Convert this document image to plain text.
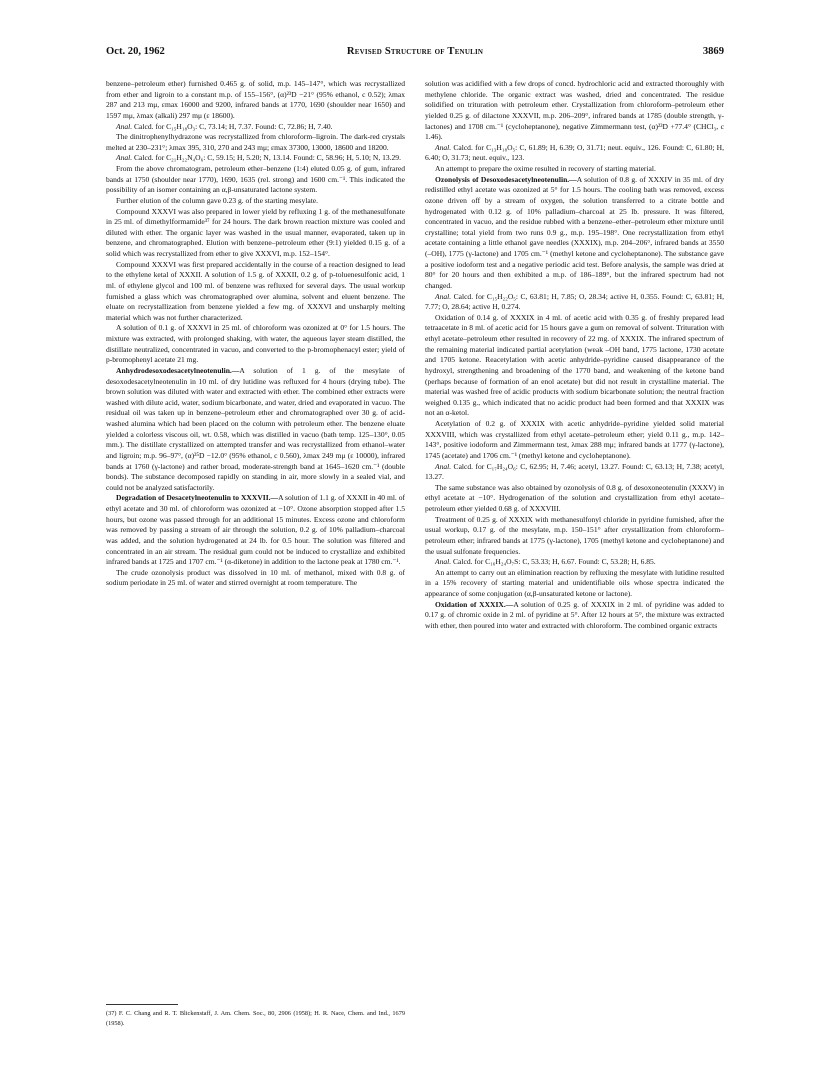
Oct. 20, 1962	Revised Structure of Tenulin	3869

benzene–petroleum ether) furnished 0.465 g. of solid, m.p. 145–147°, which was recrystallized from ether and ligroin to a constant m.p. of 155–156°, (α)²³D −21° (95% ethanol, c 0.52); λmax 287 and 213 mμ, εmax 16000 and 9200, infrared bands at 1770, 1690 (shoulder near 1650) and 1597 mμ, λmax (alkali) 297 mμ (ε 18600).

Anal. Calcd. for C₁₅H₁₈O₃: C, 73.14; H, 7.37. Found: C, 72.86; H, 7.40.

The dinitrophenylhydrazone was recrystallized from chloroform–ligroin. The dark-red crystals melted at 230–231°; λmax 395, 310, 270 and 243 mμ; εmax 37300, 13000, 18600 and 18200.

Anal. Calcd. for C₂₁H₂₂N₄O₆: C, 59.15; H, 5.20; N, 13.14. Found: C, 58.96; H, 5.10; N, 13.29.

From the above chromatogram, petroleum ether–benzene (1:4) eluted 0.05 g. of gum, infrared bands at 1750 (shoulder near 1770), 1690, 1635 (rel. strong) and 1600 cm.⁻¹. This indicated the possibility of an isomer containing an α,β-unsaturated lactone system.

Further elution of the column gave 0.23 g. of the starting mesylate.

Compound XXXVI was also prepared in lower yield by refluxing 1 g. of the methanesulfonate in 25 ml. of dimethylformamide³⁷ for 24 hours. The dark brown reaction mixture was cooled and diluted with ether. The organic layer was washed in the usual manner, evaporated, taken up in benzene, and chromatographed. Elution with benzene–petroleum ether (9:1) yielded 0.15 g. of a solid which was recrystallized from ether to give XXXVI, m.p. 152–154°.

Compound XXXVI was first prepared accidentally in the course of a reaction designed to lead to the ethylene ketal of XXXII. A solution of 1.5 g. of XXXII, 0.2 g. of p-toluenesulfonic acid, 1 ml. of ethylene glycol and 100 ml. of benzene was refluxed for several days. The usual workup furnished a glass which was chromatographed over alumina, solvent and eluent benzene. The eluate on recrystallization from benzene yielded a few mg. of XXXVI and unsharply melting material which was not further characterized.

A solution of 0.1 g. of XXXVI in 25 ml. of chloroform was ozonized at 0° for 1.5 hours. The mixture was extracted, with prolonged shaking, with water, the aqueous layer steam distilled, the distillate neutralized, concentrated in vacuo, and converted to the p-bromophenacyl ester; yield of p-bromophenyl acetate 21 mg.

Anhydrodesoxodesacetylneotenulin.—A solution of 1 g. of the mesylate of desoxodesacetylneotenulin in 10 ml. of dry lutidine was refluxed for 4 hours (drying tube). The brown solution was diluted with water and extracted with ether. The combined ether extracts were washed with dilute acid, water, sodium bicarbonate, and water, dried and evaporated in vacuo. The residual oil was taken up in benzene–petroleum ether and chromatographed over 30 g. of acid-washed alumina which had been placed on the column with petroleum ether. The benzene eluate yielded a colorless viscous oil, wt. 0.58, which was distilled in vacuo (bath temp. 125–130°, 0.05 mm.). The distillate crystallized on attempted transfer and was recrystallized from ethanol–water and ligroin; m.p. 96–97°, (α)²⁵D −12.0° (95% ethanol, c 0.560), λmax 249 mμ (ε 10000), infrared bands at 1760 (γ-lactone) and rather broad, moderate-strength band at 1645–1620 cm.⁻¹ (double bonds). The substance decomposed rapidly on standing in air, more slowly in a sealed vial, and could not be analyzed satisfactorily.

Degradation of Desacetylneotenulin to XXXVII.—A solution of 1.1 g. of XXXII in 40 ml. of ethyl acetate and 30 ml. of chloroform was ozonized at −10°. Ozone absorption stopped after 1.5 hours, but ozone was passed through for an additional 15 minutes. Excess ozone and chloroform was removed by passing a stream of air through the solution, 0.2 g. of 10% palladium–charcoal was added, and the solution hydrogenated at 24 lb. for 0.5 hour. The solution was filtered and concentrated in an air stream. The residual gum could not be induced to crystallize and exhibited infrared bands at 1725 and 1707 cm.⁻¹ (α-diketone) in addition to the lactone peak at 1780 cm.⁻¹.

The crude ozonolysis product was dissolved in 10 ml. of methanol, mixed with 0.8 g. of sodium periodate in 25 ml. of water and stirred overnight at room temperature. The

solution was acidified with a few drops of concd. hydrochloric acid and extracted thoroughly with methylene chloride. The organic extract was washed, dried and concentrated. The residue solidified on trituration with petroleum ether. Crystallization from chloroform–petroleum ether yielded 0.25 g. of dilactone XXXVII, m.p. 206–209°, infrared bands at 1785 (double strength, γ-lactones) and 1708 cm.⁻¹ (cycloheptanone), negative Zimmermann test, (α)²³D +77.4° (CHCl₃, c 1.46).

Anal. Calcd. for C₁₃H₁₈O₅: C, 61.89; H, 6.39; O, 31.71; neut. equiv., 126. Found: C, 61.80; H, 6.40; O, 31.73; neut. equiv., 123.

An attempt to prepare the oxime resulted in recovery of starting material.

Ozonolysis of Desoxodesacetylneotenulin.—A solution of 0.8 g. of XXXIV in 35 ml. of dry redistilled ethyl acetate was ozonized at 5° for 1.5 hours. The cooling bath was removed, excess ozone driven off by a stream of oxygen, the solution transferred to a citrate bottle and hydrogenated with 0.12 g. of 10% palladium–charcoal at 25 lb. pressure. It was filtered, concentrated in vacuo, and the residue rubbed with a benzene–ether–petroleum ether mixture until crystalline; total yield from two runs 0.9 g., m.p. 195–198°. One recrystallization from ethyl acetate containing a little ethanol gave needles (XXXIX), m.p. 204–206°, infrared bands at 3550 (–OH), 1775 (γ-lactone) and 1705 cm.⁻¹ (methyl ketone and cycloheptanone). The substance gave a positive iodoform test and a negative periodic acid test. Before analysis, the sample was dried at 80° for 20 hours and then exhibited a m.p. of 186–189°, but the infrared spectrum had not changed.

Anal. Calcd. for C₁₅H₂₂O₅: C, 63.81; H, 7.85; O, 28.34; active H, 0.355. Found: C, 63.81; H, 7.77; O, 28.64; active H, 0.274.

Oxidation of 0.14 g. of XXXIX in 4 ml. of acetic acid with 0.35 g. of freshly prepared lead tetraacetate in 8 ml. of acetic acid for 15 hours gave a gum on removal of solvent. Trituration with ethyl acetate–petroleum ether resulted in recovery of 22 mg. of XXXIX. The infrared spectrum of the remaining material indicated partial acetylation (weak –OH band, 1775 lactone, 1730 acetate and 1705 ketone. Reacetylation with acetic anhydride–pyridine caused disappearance of the hydroxyl, strengthening and broadening of the 1770 band, and weakening of the ketone band (perhaps because of formation of an enol acetate) but did not result in crystalline material. The material was washed free of acidic products with sodium bicarbonate solution; the neutral fraction weighed 0.135 g., which indicated that no acidic product had been formed and that XXXIX was not an α-ketol.

Acetylation of 0.2 g. of XXXIX with acetic anhydride–pyridine yielded solid material XXXVIII, which was crystallized from ethyl acetate–petroleum ether; yield 0.11 g., m.p. 142–143°, positive iodoform and Zimmermann test, λmax 288 mμ; infrared bands at 1777 (γ-lactone), 1745 (acetate) and 1706 cm.⁻¹ (methyl ketone and cycloheptanone).

Anal. Calcd. for C₁₇H₂₄O₆: C, 62.95; H, 7.46; acetyl, 13.27. Found: C, 63.13; H, 7.38; acetyl, 13.27.

The same substance was also obtained by ozonolysis of 0.8 g. of desoxoneotenulin (XXXV) in ethyl acetate at −10°. Hydrogenation of the solution and crystallization from ethyl acetate–petroleum ether yielded 0.68 g. of XXXVIII.

Treatment of 0.25 g. of XXXIX with methanesulfonyl chloride in pyridine furnished, after the usual workup, 0.17 g. of the mesylate, m.p. 150–151° after crystallization from chloroform–petroleum ether; infrared bands at 1775 (γ-lactone), 1705 (methyl ketone and cycloheptanone) and the usual sulfonate frequencies.

Anal. Calcd. for C₁₆H₂₄O₇S: C, 53.33; H, 6.67. Found: C, 53.28; H, 6.85.

An attempt to carry out an elimination reaction by refluxing the mesylate with lutidine resulted in a 15% recovery of starting material and unidentifiable oils whose spectra indicated the appearance of some conjugation (α,β-unsaturated ketone or lactone).

Oxidation of XXXIX.—A solution of 0.25 g. of XXXIX in 2 ml. of pyridine was added to 0.17 g. of chromic oxide in 2 ml. of pyridine at 5°. After 12 hours at 5°, the mixture was extracted with ether, then poured into water and extracted with chloroform. The combined organic extracts

(37) F. C. Chang and R. T. Blickenstaff, J. Am. Chem. Soc., 80, 2906 (1958); H. R. Nace, Chem. and Ind., 1679 (1958).
